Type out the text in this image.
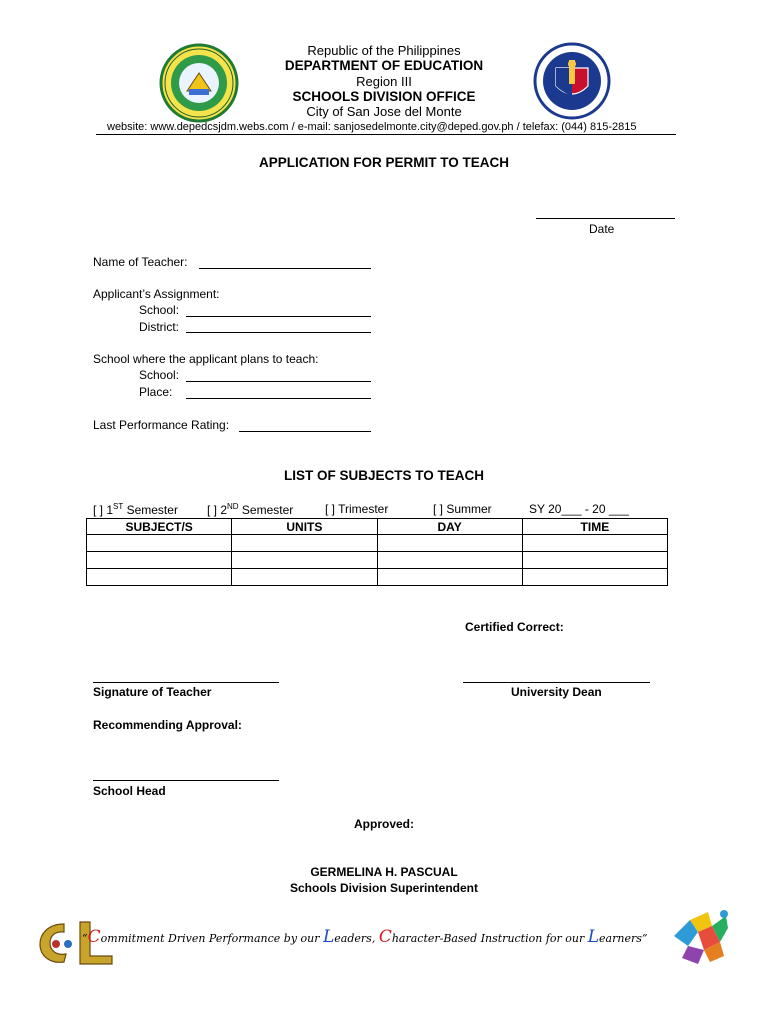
Republic of the Philippines
DEPARTMENT OF EDUCATION
Region III
SCHOOLS DIVISION OFFICE
City of San Jose del Monte
website: www.depedcsjdm.webs.com / e-mail: sanjosedelmonte.city@deped.gov.ph / telefax: (044) 815-2815
APPLICATION FOR PERMIT TO TEACH
Date
Name of Teacher:
Applicant’s Assignment:
School:
District:
School where the applicant plans to teach:
School:
Place:
Last Performance Rating:
LIST OF SUBJECTS TO TEACH
[ ] 1ST Semester [ ] 2ND Semester	[ ] Trimester	[ ] Summer	SY 20___ - 20 ___
SUBJECT/S	UNITS	DAY	TIME

Certified Correct:
Signature of Teacher	University Dean
Recommending Approval:
School Head
Approved:
GERMELINA H. PASCUAL
Schools Division Superintendent
“Commitment Driven Performance by our Leaders, Character-Based Instruction for our Learners”
